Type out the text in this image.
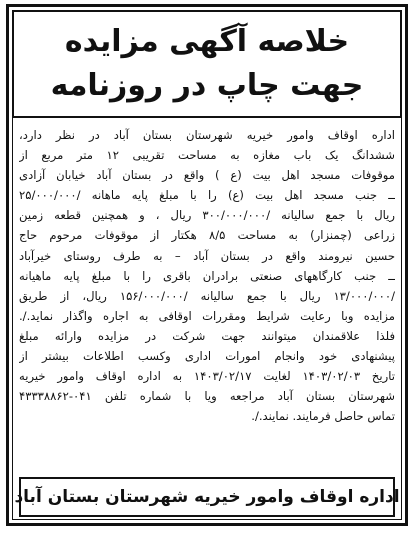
خلاصه آگهی مزایده
جهت چاپ در روزنامه
اداره اوقاف وامور خیریه شهرستان بستان آباد در نظر دارد،
ششدانگ یک باب مغازه به مساحت تقریبی ۱۲ متر مربع از
موقوفات مسجد اهل بیت (ع ) واقع در بستان آباد خیابان آزادی
ــ جنب مسجد اهل بیت (ع) را با مبلغ پایه ماهانه /۲۵/۰۰۰/۰۰۰
ریال با جمع سالیانه /۳۰۰/۰۰۰/۰۰۰ ریال ، و همچنین قطعه زمین
زراعی (چمنزار) به مساحت ۸/۵ هکتار از موقوفات مرحوم حاج
حسین نیرومند واقع در بستان آباد – به طرف روستای خیرآباد
ــ جنب کارگاههای صنعتی برادران باقری را با مبلغ پایه ماهیانه
/۱۳/۰۰۰/۰۰۰ ریال با جمع سالیانه /۱۵۶/۰۰۰/۰۰۰ ریال، از طریق
مزایده وبا رعایت شرایط ومقررات اوقافی به اجاره واگذار نماید./.
فلذا علاقمندان میتوانند جهت شرکت در مزایده وارائه مبلغ
پیشنهادی خود وانجام امورات اداری وکسب اطلاعات بیشتر از
تاریخ ۱۴۰۳/۰۲/۰۳ لغایت ۱۴۰۳/۰۲/۱۷ به اداره اوقاف وامور خیریه
شهرستان بستان آباد مراجعه ویا با شماره تلفن ۰۴۱-۴۳۳۳۸۸۶۲
تماس حاصل فرمایند. نمایند./.
اداره اوقاف وامور خیریه شهرستان بستان آباد
